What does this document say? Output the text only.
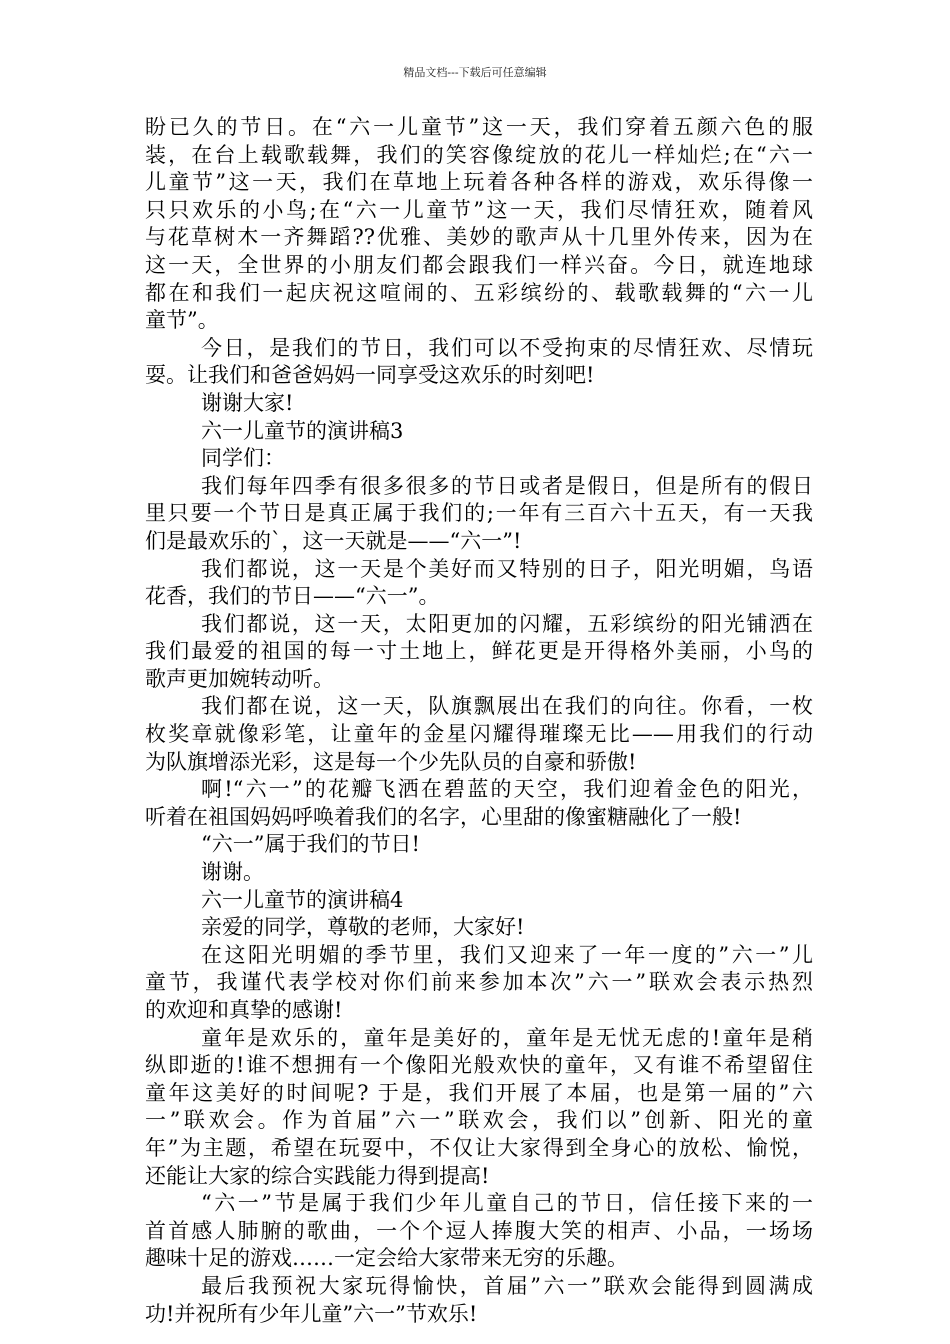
精品文档---下载后可任意编辑
盼已久的节日。在“六一儿童节”这一天，我们穿着五颜六色的服
装，在台上载歌载舞，我们的笑容像绽放的花儿一样灿烂;在“六一
儿童节”这一天，我们在草地上玩着各种各样的游戏，欢乐得像一
只只欢乐的小鸟;在“六一儿童节”这一天，我们尽情狂欢，随着风
与花草树木一齐舞蹈??优雅、美妙的歌声从十几里外传来，因为在
这一天，全世界的小朋友们都会跟我们一样兴奋。今日，就连地球
都在和我们一起庆祝这喧闹的、五彩缤纷的、载歌载舞的“六一儿
童节”。
今日，是我们的节日，我们可以不受拘束的尽情狂欢、尽情玩
耍。让我们和爸爸妈妈一同享受这欢乐的时刻吧!
谢谢大家!
六一儿童节的演讲稿3
同学们：
我们每年四季有很多很多的节日或者是假日，但是所有的假日
里只要一个节日是真正属于我们的;一年有三百六十五天，有一天我
们是最欢乐的`，这一天就是——“六一”!
我们都说，这一天是个美好而又特别的日子，阳光明媚，鸟语
花香，我们的节日——“六一”。
我们都说，这一天，太阳更加的闪耀，五彩缤纷的阳光铺洒在
我们最爱的祖国的每一寸土地上，鲜花更是开得格外美丽，小鸟的
歌声更加婉转动听。
我们都在说，这一天，队旗飘展出在我们的向往。你看，一枚
枚奖章就像彩笔，让童年的金星闪耀得璀璨无比——用我们的行动
为队旗增添光彩，这是每一个少先队员的自豪和骄傲!
啊!“六一”的花瓣飞洒在碧蓝的天空，我们迎着金色的阳光，
听着在祖国妈妈呼唤着我们的名字，心里甜的像蜜糖融化了一般!
“六一”属于我们的节日!
谢谢。
六一儿童节的演讲稿4
亲爱的同学，尊敬的老师，大家好!
在这阳光明媚的季节里，我们又迎来了一年一度的”六一”儿
童节，我谨代表学校对你们前来参加本次”六一”联欢会表示热烈
的欢迎和真挚的感谢!
童年是欢乐的，童年是美好的，童年是无忧无虑的!童年是稍
纵即逝的!谁不想拥有一个像阳光般欢快的童年，又有谁不希望留住
童年这美好的时间呢? 于是，我们开展了本届，也是第一届的”六
一”联欢会。作为首届”六一”联欢会，我们以”创新、阳光的童
年”为主题，希望在玩耍中，不仅让大家得到全身心的放松、愉悦，
还能让大家的综合实践能力得到提高!
“六一”节是属于我们少年儿童自己的节日，信任接下来的一
首首感人肺腑的歌曲，一个个逗人捧腹大笑的相声、小品，一场场
趣味十足的游戏……一定会给大家带来无穷的乐趣。
最后我预祝大家玩得愉快，首届”六一”联欢会能得到圆满成
功!并祝所有少年儿童”六一”节欢乐!
